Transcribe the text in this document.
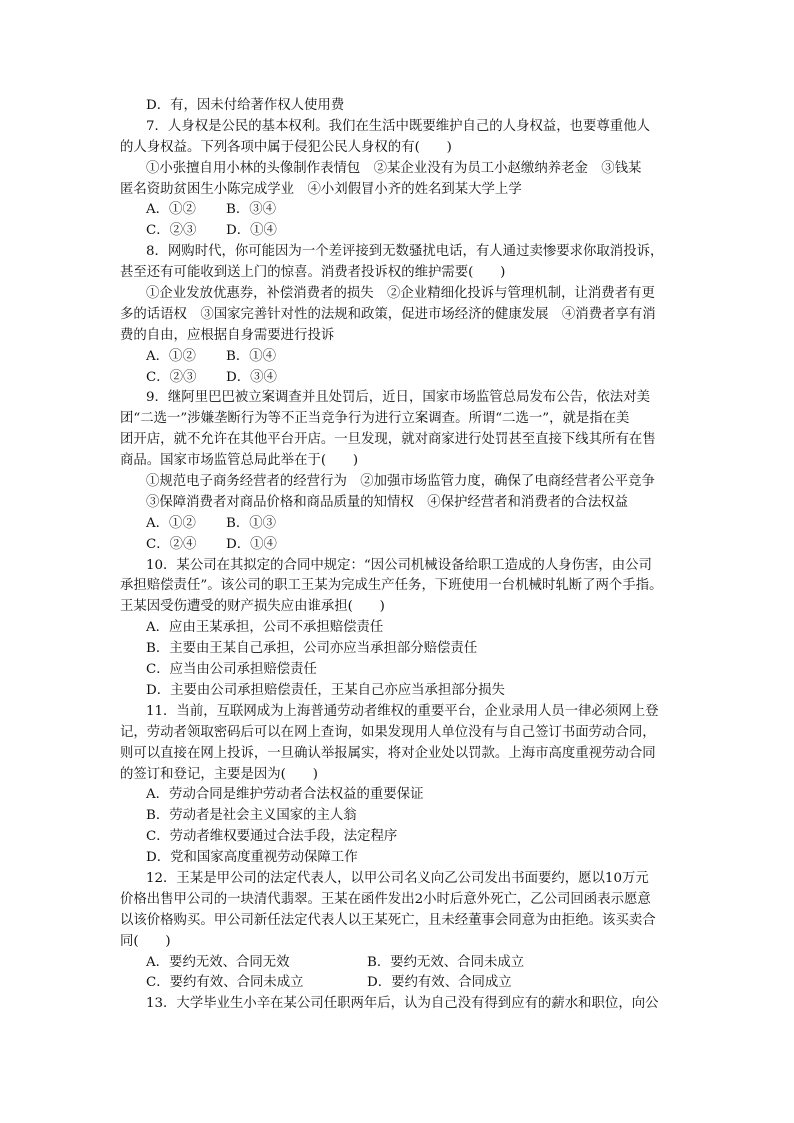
D．有，因未付给著作权人使用费
7．人身权是公民的基本权利。我们在生活中既要维护自己的人身权益，也要尊重他人
的人身权益。下列各项中属于侵犯公民人身权的有(　　)
①小张擅自用小林的头像制作表情包　②某企业没有为员工小赵缴纳养老金　③钱某
匿名资助贫困生小陈完成学业　④小刘假冒小齐的姓名到某大学上学
A．①②	B．③④
C．②③	D．①④
8．网购时代，你可能因为一个差评接到无数骚扰电话，有人通过卖惨要求你取消投诉，
甚至还有可能收到送上门的惊喜。消费者投诉权的维护需要(　　)
①企业发放优惠券，补偿消费者的损失　②企业精细化投诉与管理机制，让消费者有更
多的话语权　③国家完善针对性的法规和政策，促进市场经济的健康发展　④消费者享有消
费的自由，应根据自身需要进行投诉
A．①②	B．①④
C．②③	D．③④
9．继阿里巴巴被立案调查并且处罚后，近日，国家市场监管总局发布公告，依法对美
团“二选一”涉嫌垄断行为等不正当竞争行为进行立案调查。所谓“二选一”，就是指在美
团开店，就不允许在其他平台开店。一旦发现，就对商家进行处罚甚至直接下线其所有在售
商品。国家市场监管总局此举在于(　　)
①规范电子商务经营者的经营行为　②加强市场监管力度，确保了电商经营者公平竞争
③保障消费者对商品价格和商品质量的知情权　④保护经营者和消费者的合法权益
A．①②	B．①③
C．②④	D．①④
10．某公司在其拟定的合同中规定：“因公司机械设备给职工造成的人身伤害，由公司
承担赔偿责任”。该公司的职工王某为完成生产任务，下班使用一台机械时轧断了两个手指。
王某因受伤遭受的财产损失应由谁承担(　　)
A．应由王某承担，公司不承担赔偿责任
B．主要由王某自己承担，公司亦应当承担部分赔偿责任
C．应当由公司承担赔偿责任
D．主要由公司承担赔偿责任，王某自己亦应当承担部分损失
11．当前，互联网成为上海普通劳动者维权的重要平台，企业录用人员一律必须网上登
记，劳动者领取密码后可以在网上查询，如果发现用人单位没有与自己签订书面劳动合同，
则可以直接在网上投诉，一旦确认举报属实，将对企业处以罚款。上海市高度重视劳动合同
的签订和登记，主要是因为(　　)
A．劳动合同是维护劳动者合法权益的重要保证
B．劳动者是社会主义国家的主人翁
C．劳动者维权要通过合法手段，法定程序
D．党和国家高度重视劳动保障工作
12．王某是甲公司的法定代表人，以甲公司名义向乙公司发出书面要约，愿以10万元
价格出售甲公司的一块清代翡翠。王某在函件发出2小时后意外死亡，乙公司回函表示愿意
以该价格购买。甲公司新任法定代表人以王某死亡，且未经董事会同意为由拒绝。该买卖合
同(　　)
A．要约无效、合同无效	B．要约无效、合同未成立
C．要约有效、合同未成立	D．要约有效、合同成立
13．大学毕业生小辛在某公司任职两年后，认为自己没有得到应有的薪水和职位，向公
